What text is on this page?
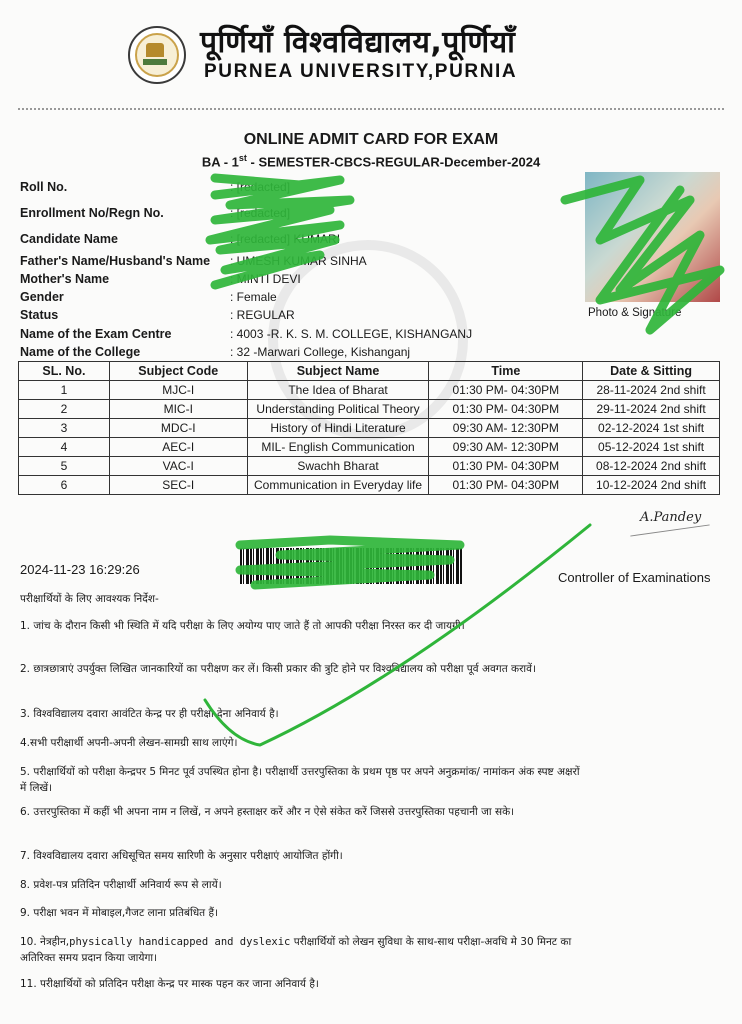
पूर्णियाँ विश्वविद्यालय,पूर्णियाँ
PURNEA UNIVERSITY,PURNIA
ONLINE ADMIT CARD FOR EXAM
BA - 1st - SEMESTER-CBCS-REGULAR-December-2024
Roll No.	: [redacted]
Enrollment No/Regn No.	: [redacted]
Candidate Name	: [redacted] KUMARI
Father's Name/Husband's Name : UMESH KUMAR SINHA
Mother's Name	: MINTI DEVI
Gender	: Female
Status	: REGULAR
Name of the Exam Centre	: 4003 -R. K. S. M. COLLEGE, KISHANGANJ
Name of the College	: 32 -Marwari College, Kishanganj
Photo & Signature
SL. No.	Subject Code	Subject Name	Time	Date & Sitting
1	MJC-I	The Idea of Bharat	01:30 PM- 04:30PM	28-11-2024 2nd shift
2	MIC-I	Understanding Political Theory	01:30 PM- 04:30PM	29-11-2024 2nd shift
3	MDC-I	History of Hindi Literature	09:30 AM- 12:30PM	02-12-2024 1st shift
4	AEC-I	MIL- English Communication	09:30 AM- 12:30PM	05-12-2024 1st shift
5	VAC-I	Swachh Bharat	01:30 PM- 04:30PM	08-12-2024 2nd shift
6	SEC-I	Communication in Everyday life	01:30 PM- 04:30PM	10-12-2024 2nd shift
A.Pandey
2024-11-23 16:29:26
Controller of Examinations
परीक्षार्थियों के लिए आवश्यक निर्देश-
1. जांच के दौरान किसी भी स्थिति में यदि परीक्षा के लिए अयोग्य पाए जाते हैं तो आपकी परीक्षा निरस्त कर दी जायगी।
2. छात्रछात्राएं उपर्युक्त लिखित जानकारियों का परीक्षण कर लें। किसी प्रकार की त्रुटि होने पर विश्वविद्यालय को परीक्षा पूर्व अवगत करावें।
3. विश्वविद्यालय दवारा आवंटित केन्द्र पर ही परीक्षा देना अनिवार्य है।
4.सभी परीक्षार्थी अपनी-अपनी लेखन-सामग्री साथ लाएंगे।
5. परीक्षार्थियों को परीक्षा केन्द्रपर 5 मिनट पूर्व उपस्थित होना है। परीक्षार्थी उत्तरपुस्तिका के प्रथम पृष्ठ पर अपने अनुक्रमांक/ नामांकन अंक स्पष्ट अक्षरों में लिखें।
6. उत्तरपुस्तिका में कहीं भी अपना नाम न लिखें, न अपने हस्ताक्षर करें और न ऐसे संकेत करें जिससे उत्तरपुस्तिका पहचानी जा सके।
7. विश्वविद्यालय दवारा अधिसूचित समय सारिणी के अनुसार परीक्षाएं आयोजित होंगी।
8. प्रवेश-पत्र प्रतिदिन परीक्षार्थी अनिवार्य रूप से लायें।
9. परीक्षा भवन में मोबाइल,गैजट लाना प्रतिबंधित हैं।
10. नेत्रहीन,physically handicapped and dyslexic परीक्षार्थियों को लेखन सुविधा के साथ-साथ परीक्षा-अवधि मे 30 मिनट का अतिरिक्त समय प्रदान किया जायेगा।
11. परीक्षार्थियों को प्रतिदिन परीक्षा केन्द्र पर मास्क पहन कर जाना अनिवार्य है।
